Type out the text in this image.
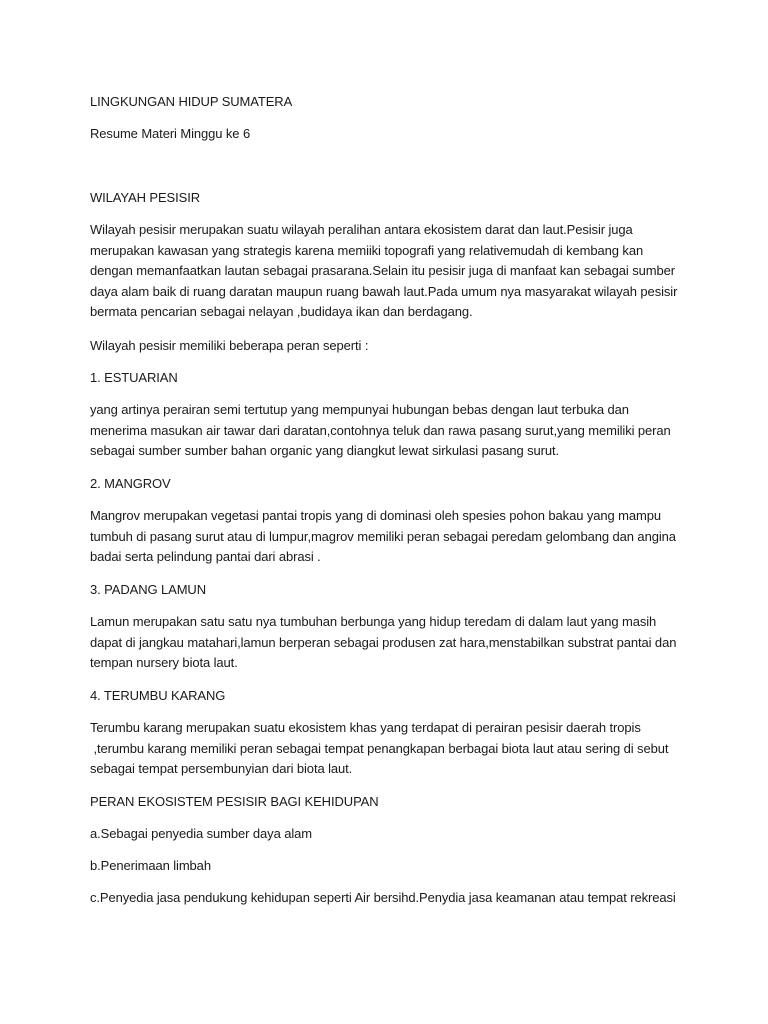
LINGKUNGAN HIDUP SUMATERA
Resume Materi Minggu ke 6
WILAYAH PESISIR
Wilayah pesisir merupakan suatu wilayah peralihan antara ekosistem darat dan laut.Pesisir juga
merupakan kawasan yang strategis karena memiiki topografi yang relativemudah di kembang kan
dengan memanfaatkan lautan sebagai prasarana.Selain itu pesisir juga di manfaat kan sebagai sumber
daya alam baik di ruang daratan maupun ruang bawah laut.Pada umum nya masyarakat wilayah pesisir
bermata pencarian sebagai nelayan ,budidaya ikan dan berdagang.
Wilayah pesisir memiliki beberapa peran seperti :
1. ESTUARIAN
yang artinya perairan semi tertutup yang mempunyai hubungan bebas dengan laut terbuka dan
menerima masukan air tawar dari daratan,contohnya teluk dan rawa pasang surut,yang memiliki peran
sebagai sumber sumber bahan organic yang diangkut lewat sirkulasi pasang surut.
2. MANGROV
Mangrov merupakan vegetasi pantai tropis yang di dominasi oleh spesies pohon bakau yang mampu
tumbuh di pasang surut atau di lumpur,magrov memiliki peran sebagai peredam gelombang dan angina
badai serta pelindung pantai dari abrasi .
3. PADANG LAMUN
Lamun merupakan satu satu nya tumbuhan berbunga yang hidup teredam di dalam laut yang masih
dapat di jangkau matahari,lamun berperan sebagai produsen zat hara,menstabilkan substrat pantai dan
tempan nursery biota laut.
4. TERUMBU KARANG
Terumbu karang merupakan suatu ekosistem khas yang terdapat di perairan pesisir daerah tropis
,terumbu karang memiliki peran sebagai tempat penangkapan berbagai biota laut atau sering di sebut
sebagai tempat persembunyian dari biota laut.
PERAN EKOSISTEM PESISIR BAGI KEHIDUPAN
a.Sebagai penyedia sumber daya alam
b.Penerimaan limbah
c.Penyedia jasa pendukung kehidupan seperti Air bersihd.Penydia jasa keamanan atau tempat rekreasi
